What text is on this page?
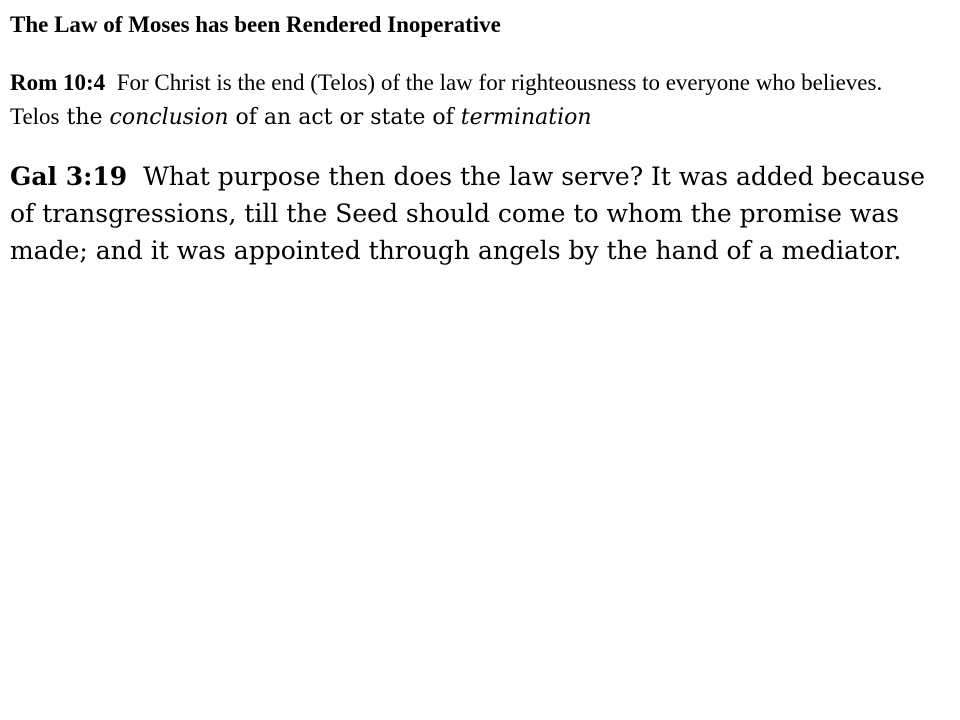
The Law of Moses has been Rendered Inoperative

Rom 10:4 For Christ is the end (Telos) of the law for righteousness to everyone who believes.

Telos the conclusion of an act or state of termination

Gal 3:19 What purpose then does the law serve? It was added because of transgressions, till the Seed should come to whom the promise was made; and it was appointed through angels by the hand of a mediator.
